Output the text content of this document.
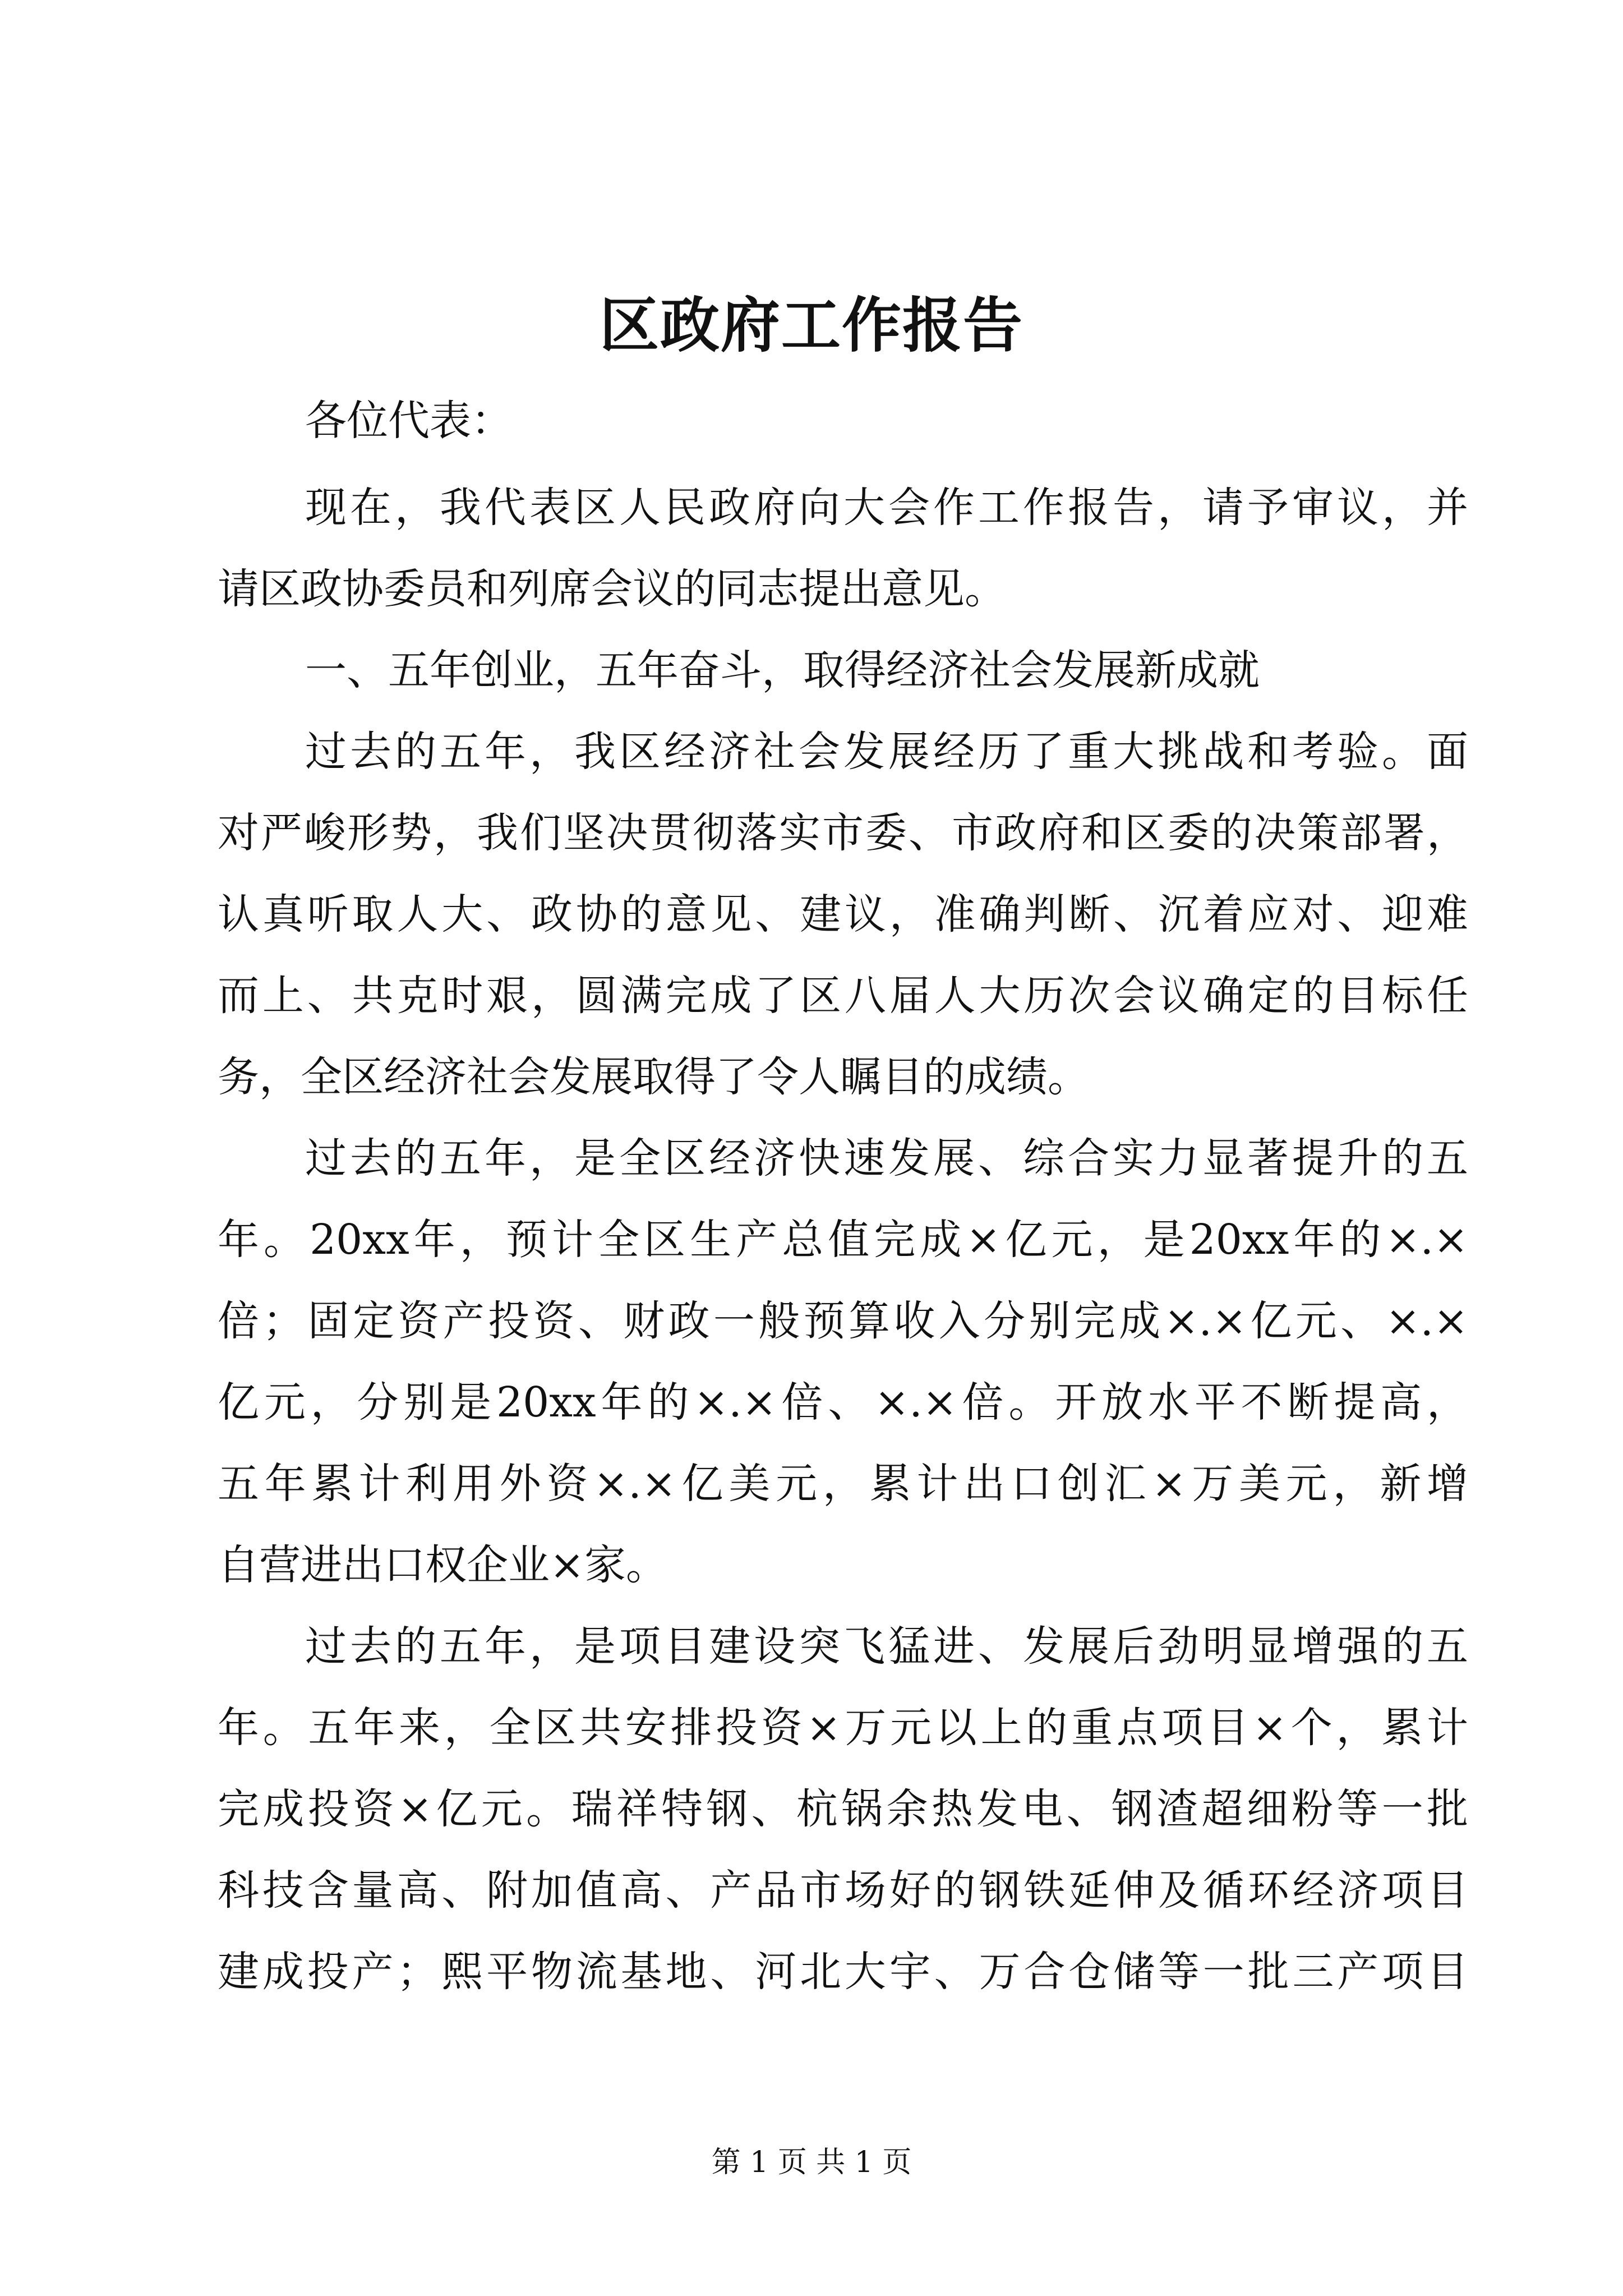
区政府工作报告
各位代表：
现在，我代表区人民政府向大会作工作报告，请予审议，并
请区政协委员和列席会议的同志提出意见。
一、五年创业，五年奋斗，取得经济社会发展新成就
过去的五年，我区经济社会发展经历了重大挑战和考验。面
对严峻形势，我们坚决贯彻落实市委、市政府和区委的决策部署，
认真听取人大、政协的意见、建议，准确判断、沉着应对、迎难
而上、共克时艰，圆满完成了区八届人大历次会议确定的目标任
务，全区经济社会发展取得了令人瞩目的成绩。
过去的五年，是全区经济快速发展、综合实力显著提升的五
年。20xx年，预计全区生产总值完成×亿元，是20xx年的×.×
倍；固定资产投资、财政一般预算收入分别完成×.×亿元、×.×
亿元，分别是20xx年的×.×倍、×.×倍。开放水平不断提高，
五年累计利用外资×.×亿美元，累计出口创汇×万美元，新增
自营进出口权企业×家。
过去的五年，是项目建设突飞猛进、发展后劲明显增强的五
年。五年来，全区共安排投资×万元以上的重点项目×个，累计
完成投资×亿元。瑞祥特钢、杭锅余热发电、钢渣超细粉等一批
科技含量高、附加值高、产品市场好的钢铁延伸及循环经济项目
建成投产；熙平物流基地、河北大宇、万合仓储等一批三产项目
第 1 页 共 1 页
